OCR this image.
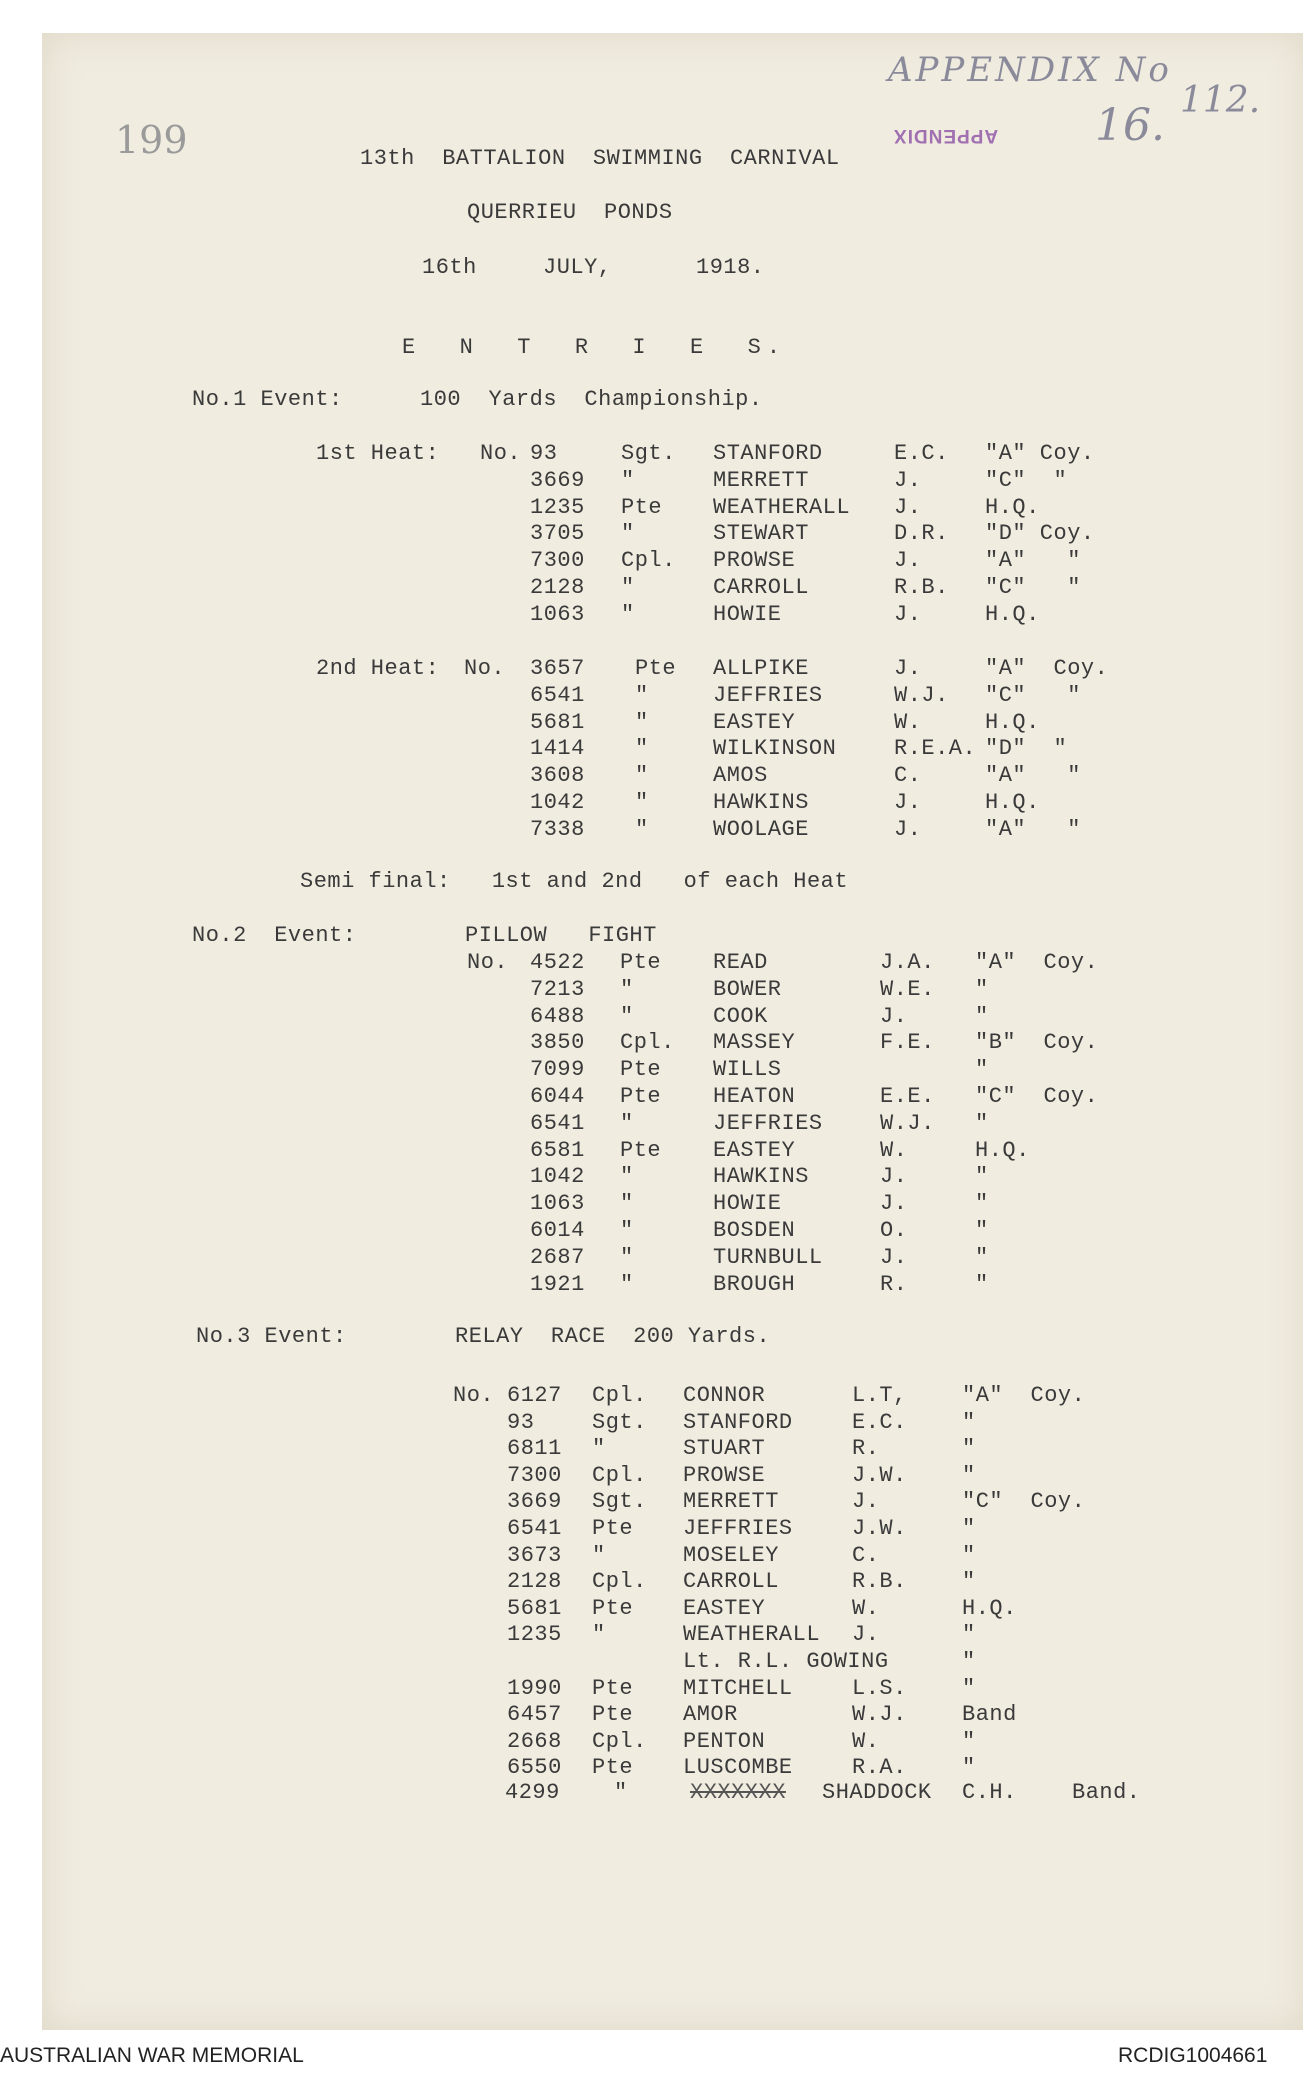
199
APPENDIX No
16. 112.
APPENDIX
13th  BATTALION  SWIMMING  CARNIVAL
QUERRIEU  PONDS
16th	JULY,	1918.
E  N  T  R  I  E  S.
No.1 Event:	100  Yards  Championship.
1st Heat: No. 93	Sgt. STANFORD	E.C. "A" Coy.
3669 "	MERRETT	J.	"C"  "
1235 Pte WEATHERALL J.	H.Q.
3705 "	STEWART	D.R. "D" Coy.
7300 Cpl. PROWSE	J.	"A"   "
2128 "	CARROLL	R.B. "C"   "
1063 "	HOWIE	J.	H.Q.
2nd Heat: No. 3657 Pte ALLPIKE	J.	"A"  Coy.
6541 "	JEFFRIES	W.J. "C"   "
5681 "	EASTEY	W.	H.Q.
1414 "	WILKINSON	R.E.A. "D"  "
3608 "	AMOS	C.	"A"   "
1042 "	HAWKINS	J.	H.Q.
7338 "	WOOLAGE	J.	"A"   "
Semi final:   1st and 2nd   of each Heat
No.2  Event:	PILLOW   FIGHT
No. 4522 Pte READ	J.A. "A"  Coy.
7213 "	BOWER	W.E. "
6488 "	COOK	J.	"
3850 Cpl. MASSEY	F.E. "B"  Coy.
7099 Pte WILLS	"
6044 Pte HEATON	E.E. "C"  Coy.
6541 "	JEFFRIES	W.J. "
6581 Pte EASTEY	W.	H.Q.
1042 "	HAWKINS	J.	"
1063 "	HOWIE	J.	"
6014 "	BOSDEN	O.	"
2687 "	TURNBULL	J.	"
1921 "	BROUGH	R.	"
No.3 Event:	RELAY  RACE  200 Yards.
No. 6127 Cpl. CONNOR	L.T,	"A"  Coy.
93	Sgt. STANFORD	E.C.	"
6811 "	STUART	R.	"
7300 Cpl. PROWSE	J.W.	"
3669 Sgt. MERRETT	J.	"C"  Coy.
6541 Pte JEFFRIES	J.W.	"
3673 "	MOSELEY	C.	"
2128 Cpl. CARROLL	R.B.	"
5681 Pte EASTEY	W.	H.Q.
1235 "	WEATHERALL J.	"
Lt. R.L. GOWING	"
1990 Pte MITCHELL	L.S.	"
6457 Pte AMOR	W.J.	Band
2668 Cpl. PENTON	W.	"
6550 Pte LUSCOMBE	R.A.	"
4299 "	XXXXXXX SHADDOCK C.H.	Band.
AUSTRALIAN WAR MEMORIAL	RCDIG1004661
